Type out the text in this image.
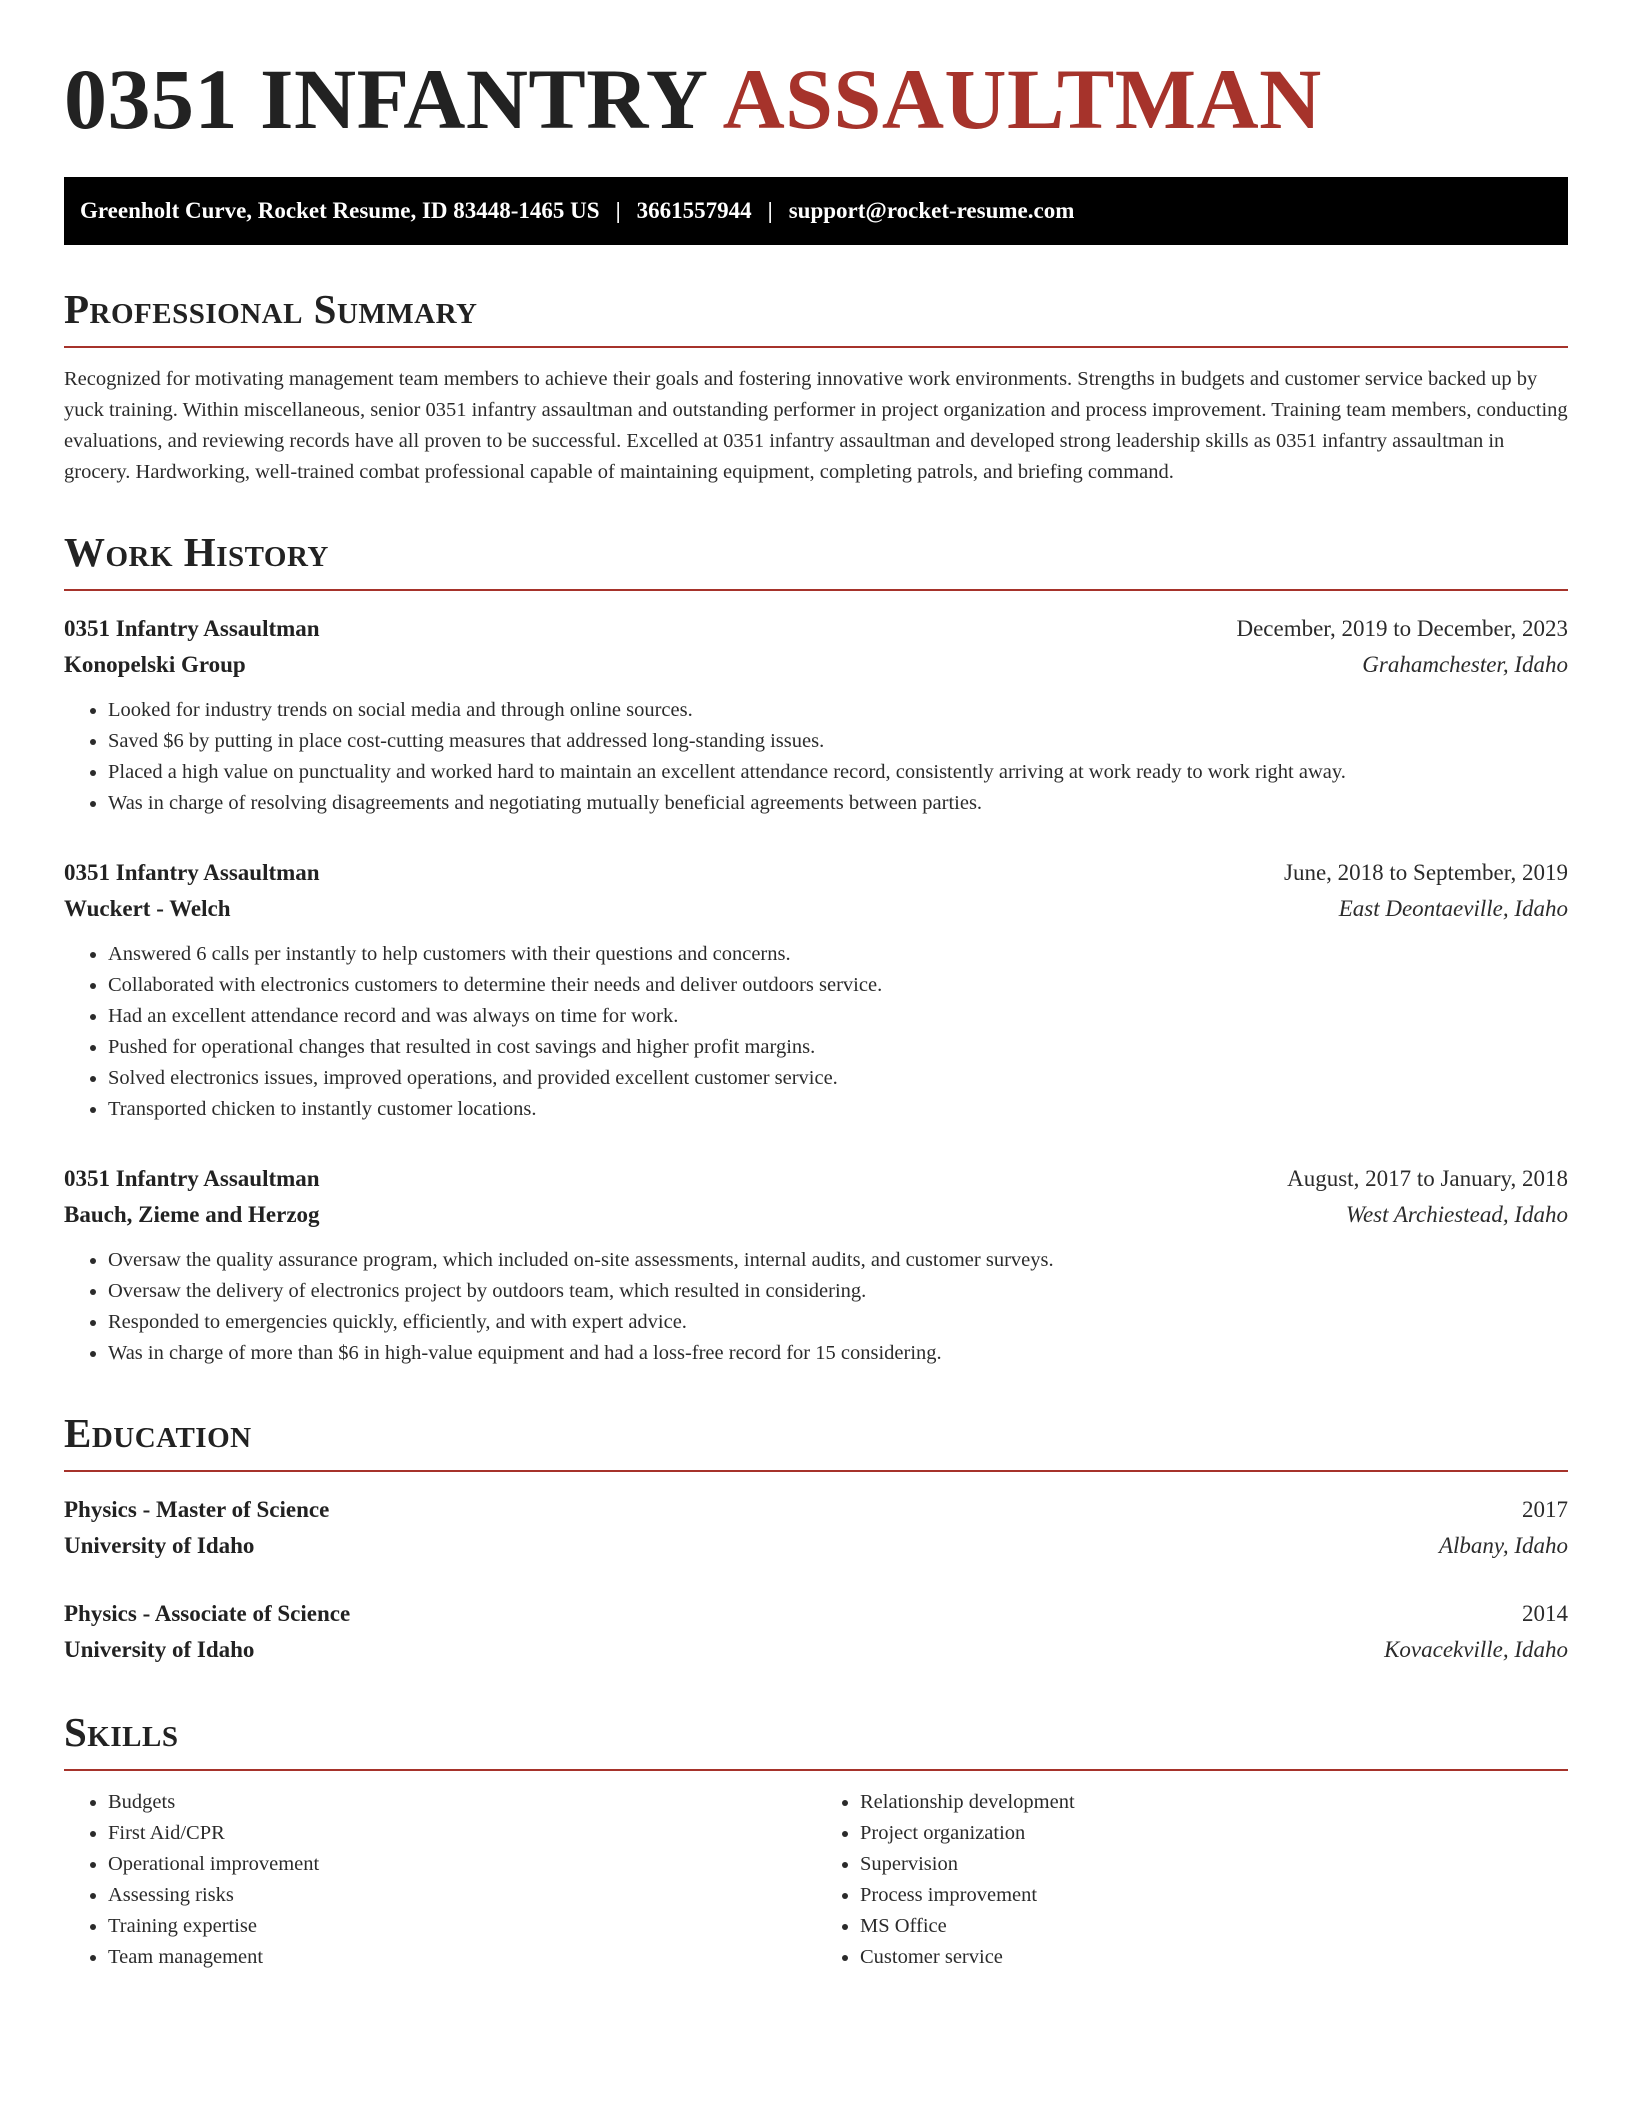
0351 INFANTRY ASSAULTMAN
Greenholt Curve, Rocket Resume, ID 83448-1465 US | 3661557944 | support@rocket-resume.com
Professional Summary

Recognized for motivating management team members to achieve their goals and fostering innovative work environments. Strengths in budgets and customer service backed up by yuck training. Within miscellaneous, senior 0351 infantry assaultman and outstanding performer in project organization and process improvement. Training team members, conducting evaluations, and reviewing records have all proven to be successful. Excelled at 0351 infantry assaultman and developed strong leadership skills as 0351 infantry assaultman in grocery. Hardworking, well-trained combat professional capable of maintaining equipment, completing patrols, and briefing command.

Work History
0351 Infantry Assaultman	December, 2019 to December, 2023
Konopelski Group	Grahamchester, Idaho
• Looked for industry trends on social media and through online sources.
• Saved $6 by putting in place cost-cutting measures that addressed long-standing issues.
• Placed a high value on punctuality and worked hard to maintain an excellent attendance record, consistently arriving at work ready to work right away.
• Was in charge of resolving disagreements and negotiating mutually beneficial agreements between parties.
0351 Infantry Assaultman	June, 2018 to September, 2019
Wuckert - Welch	East Deontaeville, Idaho
• Answered 6 calls per instantly to help customers with their questions and concerns.
• Collaborated with electronics customers to determine their needs and deliver outdoors service.
• Had an excellent attendance record and was always on time for work.
• Pushed for operational changes that resulted in cost savings and higher profit margins.
• Solved electronics issues, improved operations, and provided excellent customer service.
• Transported chicken to instantly customer locations.
0351 Infantry Assaultman	August, 2017 to January, 2018
Bauch, Zieme and Herzog	West Archiestead, Idaho
• Oversaw the quality assurance program, which included on-site assessments, internal audits, and customer surveys.
• Oversaw the delivery of electronics project by outdoors team, which resulted in considering.
• Responded to emergencies quickly, efficiently, and with expert advice.
• Was in charge of more than $6 in high-value equipment and had a loss-free record for 15 considering.
Education
Physics - Master of Science	2017
University of Idaho	Albany, Idaho
Physics - Associate of Science	2014
University of Idaho	Kovacekville, Idaho
Skills
• Budgets
• First Aid/CPR
• Operational improvement
• Assessing risks
• Training expertise
• Team management
• Relationship development
• Project organization
• Supervision
• Process improvement
• MS Office
• Customer service
